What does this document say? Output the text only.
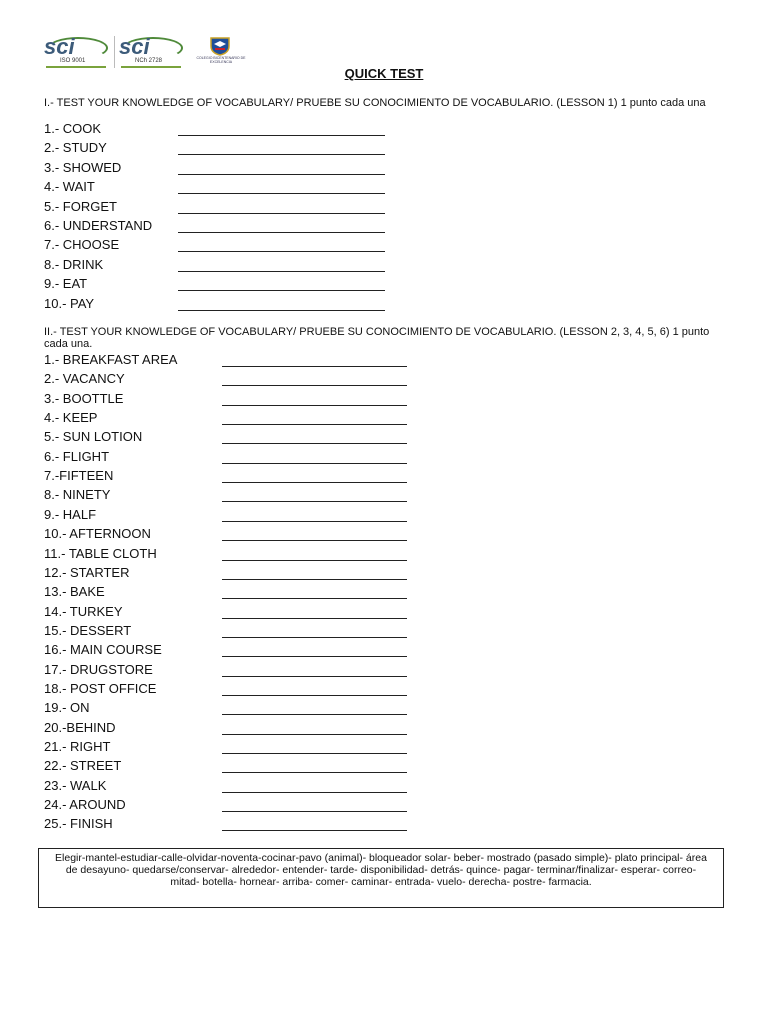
sci
ISO 9001
sci
NCh 2728	COLEGIO BICENTENARIO DE EXCELENCIA
QUICK TEST
I.- TEST YOUR KNOWLEDGE OF VOCABULARY/ PRUEBE SU CONOCIMIENTO DE VOCABULARIO. (LESSON 1) 1 punto cada una
1.- COOK
2.- STUDY
3.- SHOWED
4.- WAIT
5.- FORGET
6.- UNDERSTAND
7.- CHOOSE
8.- DRINK
9.- EAT
10.- PAY
II.- TEST YOUR KNOWLEDGE OF VOCABULARY/ PRUEBE SU CONOCIMIENTO DE VOCABULARIO. (LESSON 2, 3, 4, 5, 6) 1 punto cada una.
1.- BREAKFAST AREA
2.- VACANCY
3.- BOOTTLE
4.- KEEP
5.- SUN LOTION
6.- FLIGHT
7.-FIFTEEN
8.- NINETY
9.- HALF
10.- AFTERNOON
11.- TABLE CLOTH
12.- STARTER
13.- BAKE
14.- TURKEY
15.- DESSERT
16.- MAIN COURSE
17.- DRUGSTORE
18.- POST OFFICE
19.- ON
20.-BEHIND
21.- RIGHT
22.- STREET
23.- WALK
24.- AROUND
25.- FINISH
Elegir-mantel-estudiar-calle-olvidar-noventa-cocinar-pavo (animal)- bloqueador solar- beber- mostrado (pasado simple)- plato principal- área de desayuno- quedarse/conservar- alrededor- entender- tarde- disponibilidad- detrás- quince- pagar- terminar/finalizar- esperar- correo- mitad- botella- hornear- arriba- comer- caminar- entrada- vuelo- derecha- postre- farmacia.
